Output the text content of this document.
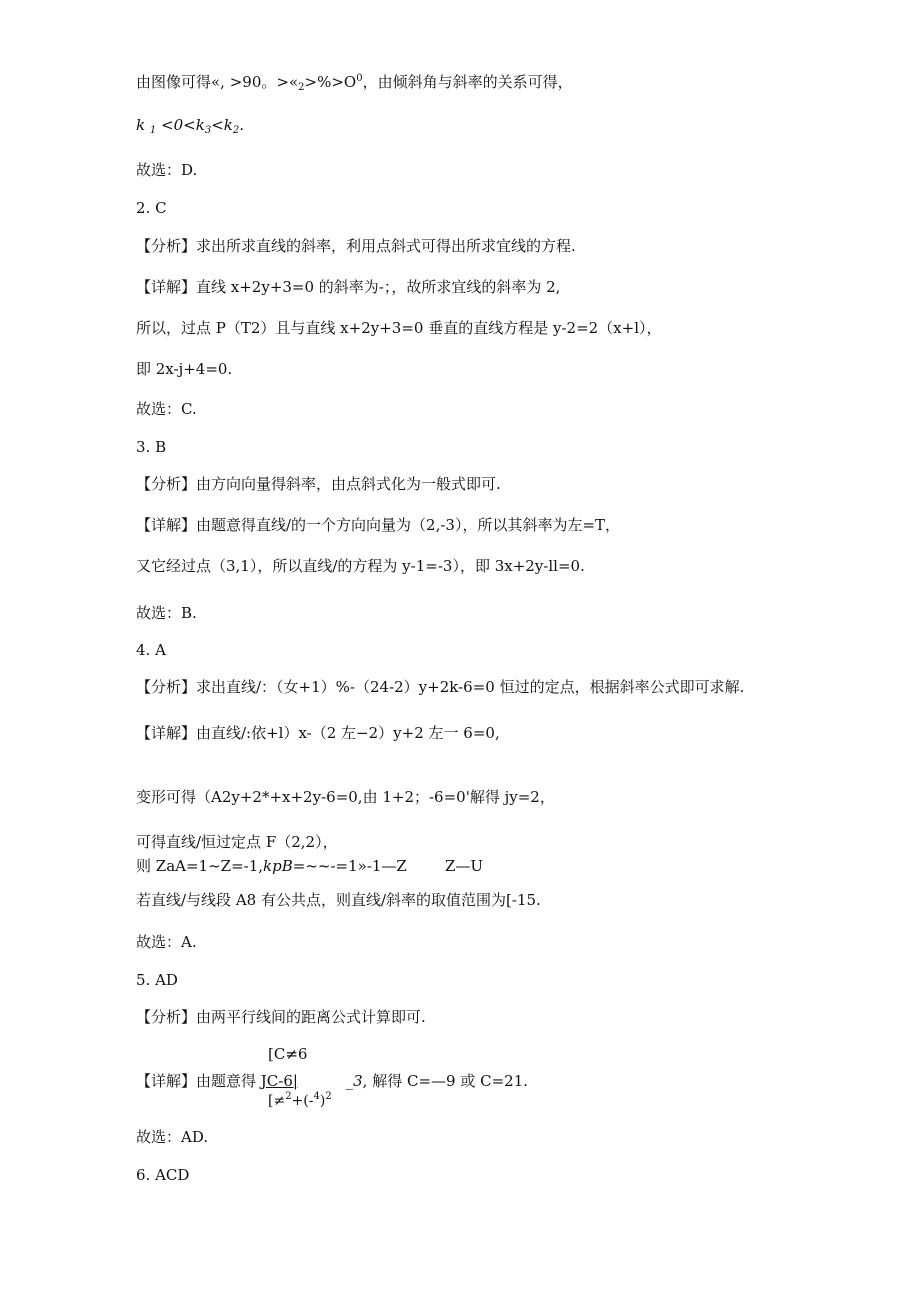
由图像可得«, >90。$>«_2>\%>O^0$，由倾斜角与斜率的关系可得，
k $_1 <0<k_3<k_2$.
故选：D.
2. C
【分析】求出所求直线的斜率，利用点斜式可得出所求宜线的方程.
【详解】直线 x+2y+3=0 的斜率为-；，故所求宜线的斜率为 2,
所以，过点 P（T2）且与直线 x+2y+3=0 垂直的直线方程是 y-2=2（x+l），
即 2x-j+4=0.
故选：C.
3. B
【分析】由方向向量得斜率，由点斜式化为一般式即可.
【详解】由题意得直线/的一个方向向量为（2,-3），所以其斜率为左=T，
又它经过点（3,1），所以直线/的方程为 y-1=-3），即 3x+2y-ll=0.
故选：B.
4. A
【分析】求出直线/：（女+1）%-（24-2）y+2k-6=0 恒过的定点，根据斜率公式即可求解.
【详解】由直线/:依+l）x-（2 左−2）y+2 左一 6=0,
变形可得（A2y+2*+x+2y-6=0,由 1+2；-6=0'解得 jy=2，
可得直线/恒过定点 F（2,2），
则 ZaA=1~Z=-1,kpB=~~-=1»-1—Z        Z—U
若直线/与线段 A8 有公共点，则直线/斜率的取值范围为[-15.
故选：A.
5. AD
【分析】由两平行线间的距离公式计算即可.
[C≠6
【详解】由题意得 JC-6|          _3, 解得 C=—9 或 C=21.
[$\ne^2+(-^4)^2$
故选：AD.
6. ACD
